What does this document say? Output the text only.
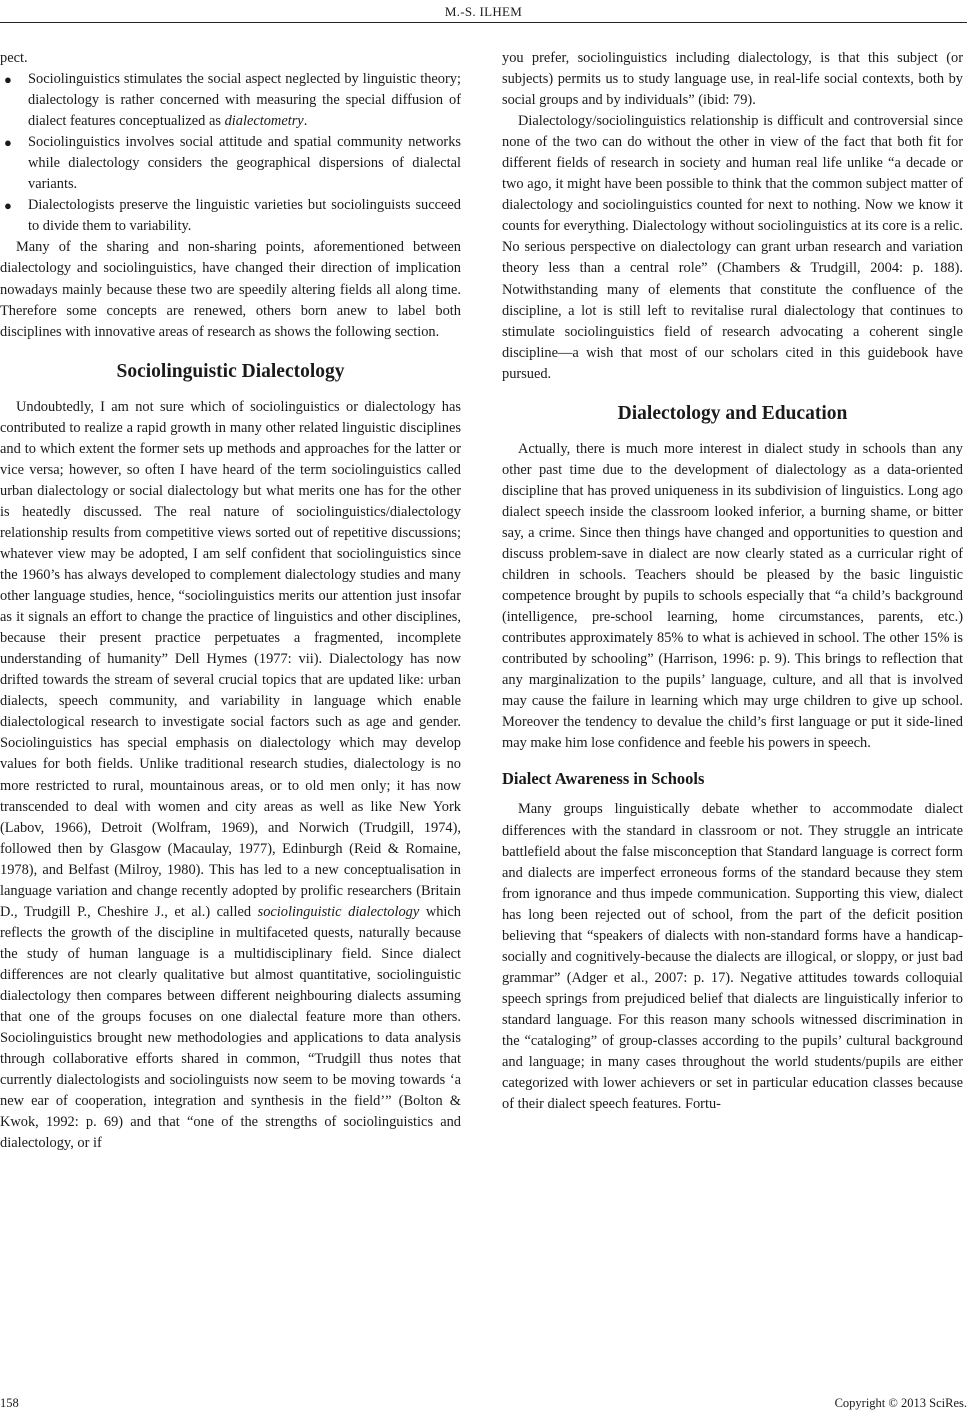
M.-S. ILHEM

pect.

● Sociolinguistics stimulates the social aspect neglected by linguistic theory; dialectology is rather concerned with measuring the special diffusion of dialect features conceptualized as dialectometry.
● Sociolinguistics involves social attitude and spatial community networks while dialectology considers the geographical dispersions of dialectal variants.
● Dialectologists preserve the linguistic varieties but sociolinguists succeed to divide them to variability.

Many of the sharing and non-sharing points, aforementioned between dialectology and sociolinguistics, have changed their direction of implication nowadays mainly because these two are speedily altering fields all along time. Therefore some concepts are renewed, others born anew to label both disciplines with innovative areas of research as shows the following section.

Sociolinguistic Dialectology

Undoubtedly, I am not sure which of sociolinguistics or dialectology has contributed to realize a rapid growth in many other related linguistic disciplines and to which extent the former sets up methods and approaches for the latter or vice versa; however, so often I have heard of the term sociolinguistics called urban dialectology or social dialectology but what merits one has for the other is heatedly discussed. The real nature of sociolinguistics/dialectology relationship results from competitive views sorted out of repetitive discussions; whatever view may be adopted, I am self confident that sociolinguistics since the 1960’s has always developed to complement dialectology studies and many other language studies, hence, “sociolinguistics merits our attention just insofar as it signals an effort to change the practice of linguistics and other disciplines, because their present practice perpetuates a fragmented, incomplete understanding of humanity” Dell Hymes (1977: vii). Dialectology has now drifted towards the stream of several crucial topics that are updated like: urban dialects, speech community, and variability in language which enable dialectological research to investigate social factors such as age and gender. Sociolinguistics has special emphasis on dialectology which may develop values for both fields. Unlike traditional research studies, dialectology is no more restricted to rural, mountainous areas, or to old men only; it has now transcended to deal with women and city areas as well as like New York (Labov, 1966), Detroit (Wolfram, 1969), and Norwich (Trudgill, 1974), followed then by Glasgow (Macaulay, 1977), Edinburgh (Reid & Romaine, 1978), and Belfast (Milroy, 1980). This has led to a new conceptualisation in language variation and change recently adopted by prolific researchers (Britain D., Trudgill P., Cheshire J., et al.) called sociolinguistic dialectology which reflects the growth of the discipline in multifaceted quests, naturally because the study of human language is a multidisciplinary field. Since dialect differences are not clearly qualitative but almost quantitative, sociolinguistic dialectology then compares between different neighbouring dialects assuming that one of the groups focuses on one dialectal feature more than others. Sociolinguistics brought new methodologies and applications to data analysis through collaborative efforts shared in common, “Trudgill thus notes that currently dialectologists and sociolinguists now seem to be moving towards ‘a new ear of cooperation, integration and synthesis in the field’” (Bolton & Kwok, 1992: p. 69) and that “one of the strengths of sociolinguistics and dialectology, or if

you prefer, sociolinguistics including dialectology, is that this subject (or subjects) permits us to study language use, in real-life social contexts, both by social groups and by individuals” (ibid: 79).

Dialectology/sociolinguistics relationship is difficult and controversial since none of the two can do without the other in view of the fact that both fit for different fields of research in society and human real life unlike “a decade or two ago, it might have been possible to think that the common subject matter of dialectology and sociolinguistics counted for next to nothing. Now we know it counts for everything. Dialectology without sociolinguistics at its core is a relic. No serious perspective on dialectology can grant urban research and variation theory less than a central role” (Chambers & Trudgill, 2004: p. 188). Notwithstanding many of elements that constitute the confluence of the discipline, a lot is still left to revitalise rural dialectology that continues to stimulate sociolinguistics field of research advocating a coherent single discipline—a wish that most of our scholars cited in this guidebook have pursued.

Dialectology and Education

Actually, there is much more interest in dialect study in schools than any other past time due to the development of dialectology as a data-oriented discipline that has proved uniqueness in its subdivision of linguistics. Long ago dialect speech inside the classroom looked inferior, a burning shame, or bitter say, a crime. Since then things have changed and opportunities to question and discuss problem-save in dialect are now clearly stated as a curricular right of children in schools. Teachers should be pleased by the basic linguistic competence brought by pupils to schools especially that “a child’s background (intelligence, pre-school learning, home circumstances, parents, etc.) contributes approximately 85% to what is achieved in school. The other 15% is contributed by schooling” (Harrison, 1996: p. 9). This brings to reflection that any marginalization to the pupils’ language, culture, and all that is involved may cause the failure in learning which may urge children to give up school. Moreover the tendency to devalue the child’s first language or put it side-lined may make him lose confidence and feeble his powers in speech.

Dialect Awareness in Schools

Many groups linguistically debate whether to accommodate dialect differences with the standard in classroom or not. They struggle an intricate battlefield about the false misconception that Standard language is correct form and dialects are imperfect erroneous forms of the standard because they stem from ignorance and thus impede communication. Supporting this view, dialect has long been rejected out of school, from the part of the deficit position believing that “speakers of dialects with non-standard forms have a handicap-socially and cognitively-because the dialects are illogical, or sloppy, or just bad grammar” (Adger et al., 2007: p. 17). Negative attitudes towards colloquial speech springs from prejudiced belief that dialects are linguistically inferior to standard language. For this reason many schools witnessed discrimination in the “cataloging” of group-classes according to the pupils’ cultural background and language; in many cases throughout the world students/pupils are either categorized with lower achievers or set in particular education classes because of their dialect speech features. Fortu-

158	Copyright © 2013 SciRes.
